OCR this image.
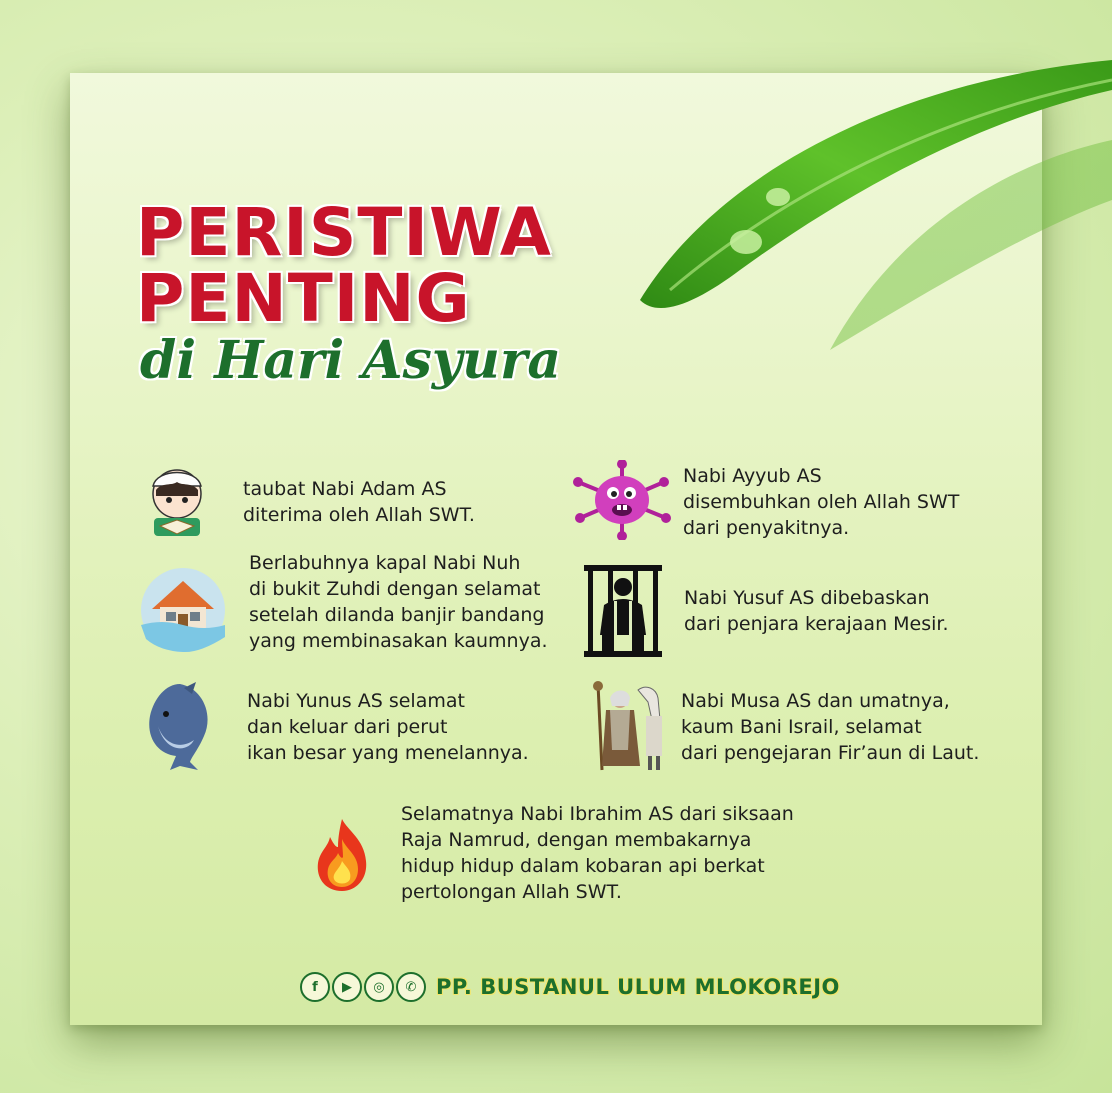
PERISTIWA
PENTING
di Hari Asyura
taubat Nabi Adam AS
diterima oleh Allah SWT.
Nabi Ayyub AS
disembuhkan oleh Allah SWT
dari penyakitnya.
Berlabuhnya kapal Nabi Nuh
di bukit Zuhdi dengan selamat
setelah dilanda banjir bandang
yang membinasakan kaumnya.
Nabi Yusuf AS dibebaskan
dari penjara kerajaan Mesir.
Nabi Yunus AS selamat
dan keluar dari perut
ikan besar yang menelannya.
Nabi Musa AS dan umatnya,
kaum Bani Israil, selamat
dari pengejaran Fir’aun di Laut.
Selamatnya Nabi Ibrahim AS dari siksaan
Raja Namrud, dengan membakarnya
hidup hidup dalam kobaran api berkat
pertolongan Allah SWT.
f	▶	◎	✆ PP. BUSTANUL ULUM MLOKOREJO
